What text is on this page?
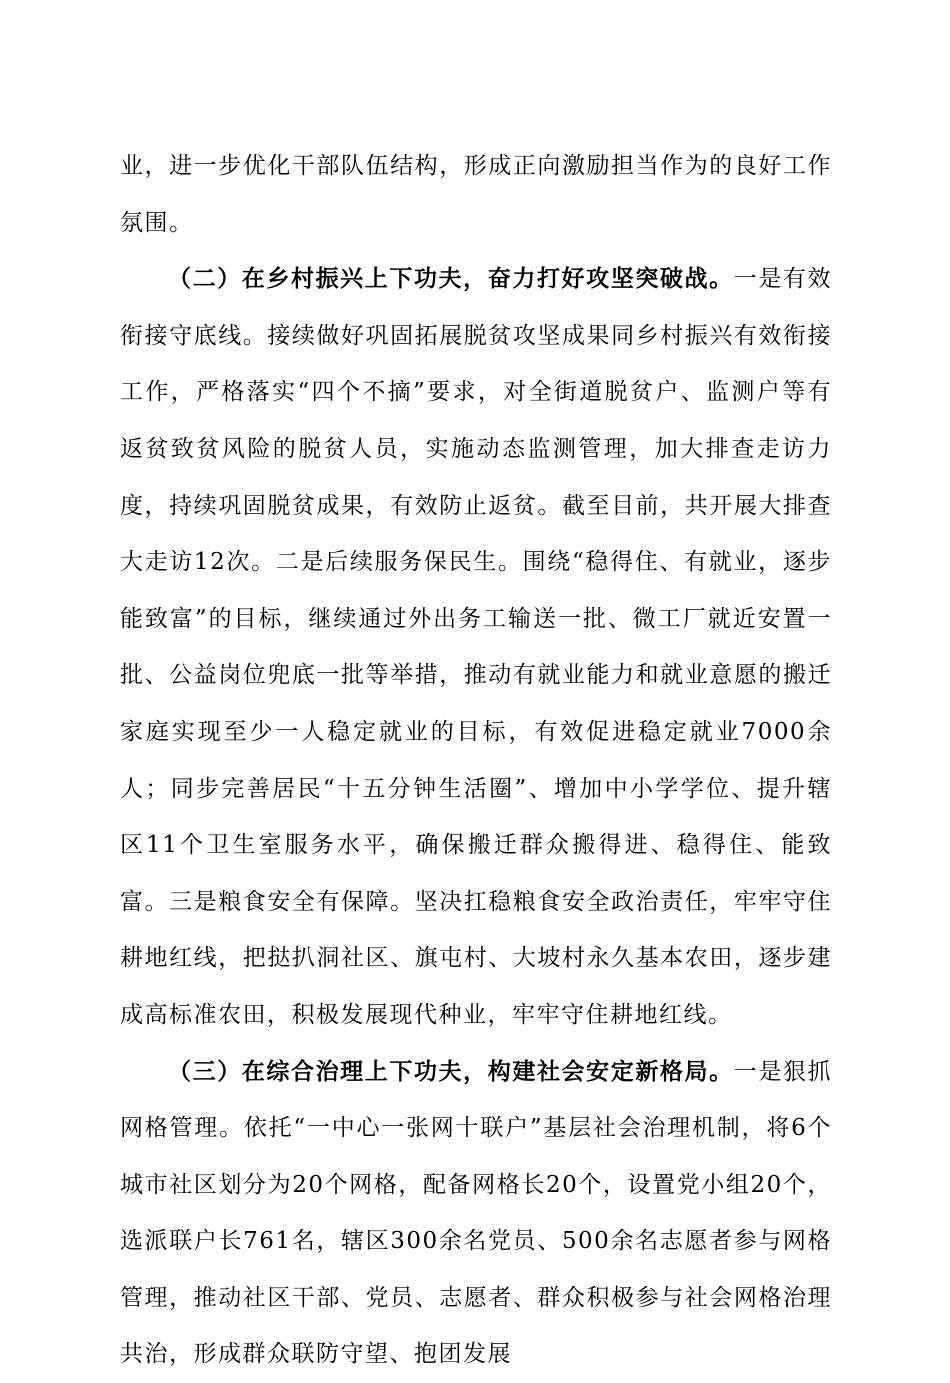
业，进一步优化干部队伍结构，形成正向激励担当作为的良好工作氛围。

（二）在乡村振兴上下功夫，奋力打好攻坚突破战。一是有效衔接守底线。接续做好巩固拓展脱贫攻坚成果同乡村振兴有效衔接工作，严格落实“四个不摘”要求，对全街道脱贫户、监测户等有返贫致贫风险的脱贫人员，实施动态监测管理，加大排查走访力度，持续巩固脱贫成果，有效防止返贫。截至目前，共开展大排查大走访12次。二是后续服务保民生。围绕“稳得住、有就业，逐步能致富”的目标，继续通过外出务工输送一批、微工厂就近安置一批、公益岗位兜底一批等举措，推动有就业能力和就业意愿的搬迁家庭实现至少一人稳定就业的目标，有效促进稳定就业7000余人；同步完善居民“十五分钟生活圈”、增加中小学学位、提升辖区11个卫生室服务水平，确保搬迁群众搬得进、稳得住、能致富。三是粮食安全有保障。坚决扛稳粮食安全政治责任，牢牢守住耕地红线，把挞扒洞社区、旗屯村、大坡村永久基本农田，逐步建成高标准农田，积极发展现代种业，牢牢守住耕地红线。

（三）在综合治理上下功夫，构建社会安定新格局。一是狠抓网格管理。依托“一中心一张网十联户”基层社会治理机制，将6个城市社区划分为20个网格，配备网格长20个，设置党小组20个，选派联户长761名，辖区300余名党员、500余名志愿者参与网格管理，推动社区干部、党员、志愿者、群众积极参与社会网格治理共治，形成群众联防守望、抱团发展
